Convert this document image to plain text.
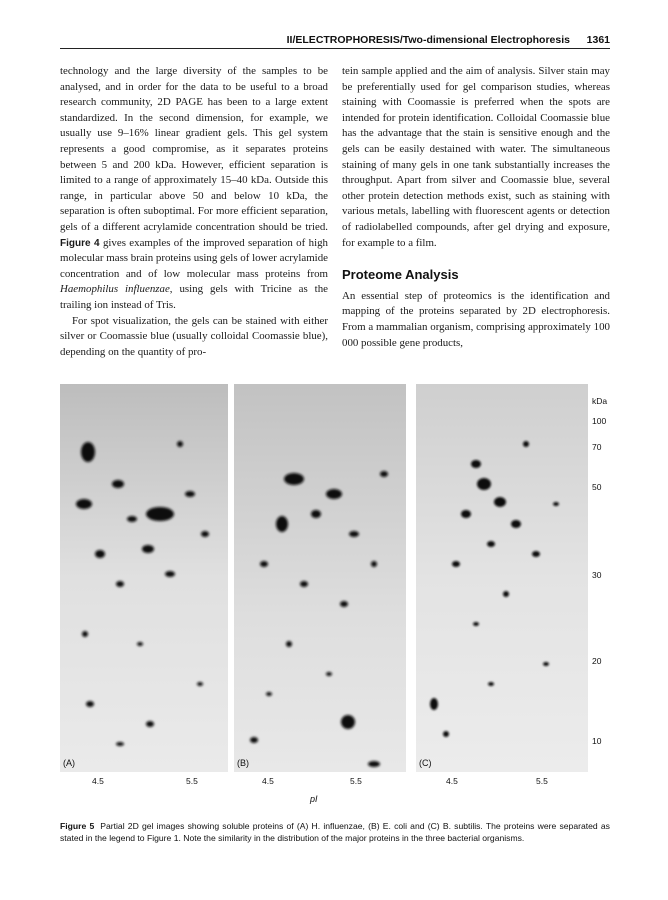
II/ELECTROPHORESIS/Two-dimensional Electrophoresis 1361

technology and the large diversity of the samples to be analysed, and in order for the data to be useful to a broad research community, 2D PAGE has been to a large extent standardized. In the second dimension, for example, we usually use 9–16% linear gradient gels. This gel system represents a good compromise, as it separates proteins between 5 and 200 kDa. However, efficient separation is limited to a range of approximately 15–40 kDa. Outside this range, in particular above 50 and below 10 kDa, the separation is often suboptimal. For more efficient separation, gels of a different acrylamide concentration should be tried. Figure 4 gives examples of the improved separation of high molecular mass brain proteins using gels of lower acrylamide concentration and of low molecular mass proteins from Haemophilus influenzae, using gels with Tricine as the trailing ion instead of Tris.

For spot visualization, the gels can be stained with either silver or Coomassie blue (usually colloidal Coomassie blue), depending on the quantity of pro-

tein sample applied and the aim of analysis. Silver stain may be preferentially used for gel comparison studies, whereas staining with Coomassie is preferred when the spots are intended for protein identification. Colloidal Coomassie blue has the advantage that the stain is sensitive enough and the gels can be easily destained with water. The simultaneous staining of many gels in one tank substantially increases the throughput. Apart from silver and Coomassie blue, several other protein detection methods exist, such as staining with various metals, labelling with fluorescent agents or detection of radiolabelled compounds, after gel drying and exposure, for example to a film.

Proteome Analysis

An essential step of proteomics is the identification and mapping of the proteins separated by 2D electrophoresis. From a mammalian organism, comprising approximately 100 000 possible gene products,

(A)	(B)	(C)
kDa
100
70
50
30
20
10
4.5	5.5	4.5	5.5	4.5	5.5
pI
Figure 5 Partial 2D gel images showing soluble proteins of (A) H. influenzae, (B) E. coli and (C) B. subtilis. The proteins were separated as stated in the legend to Figure 1. Note the similarity in the distribution of the major proteins in the three bacterial organisms.
